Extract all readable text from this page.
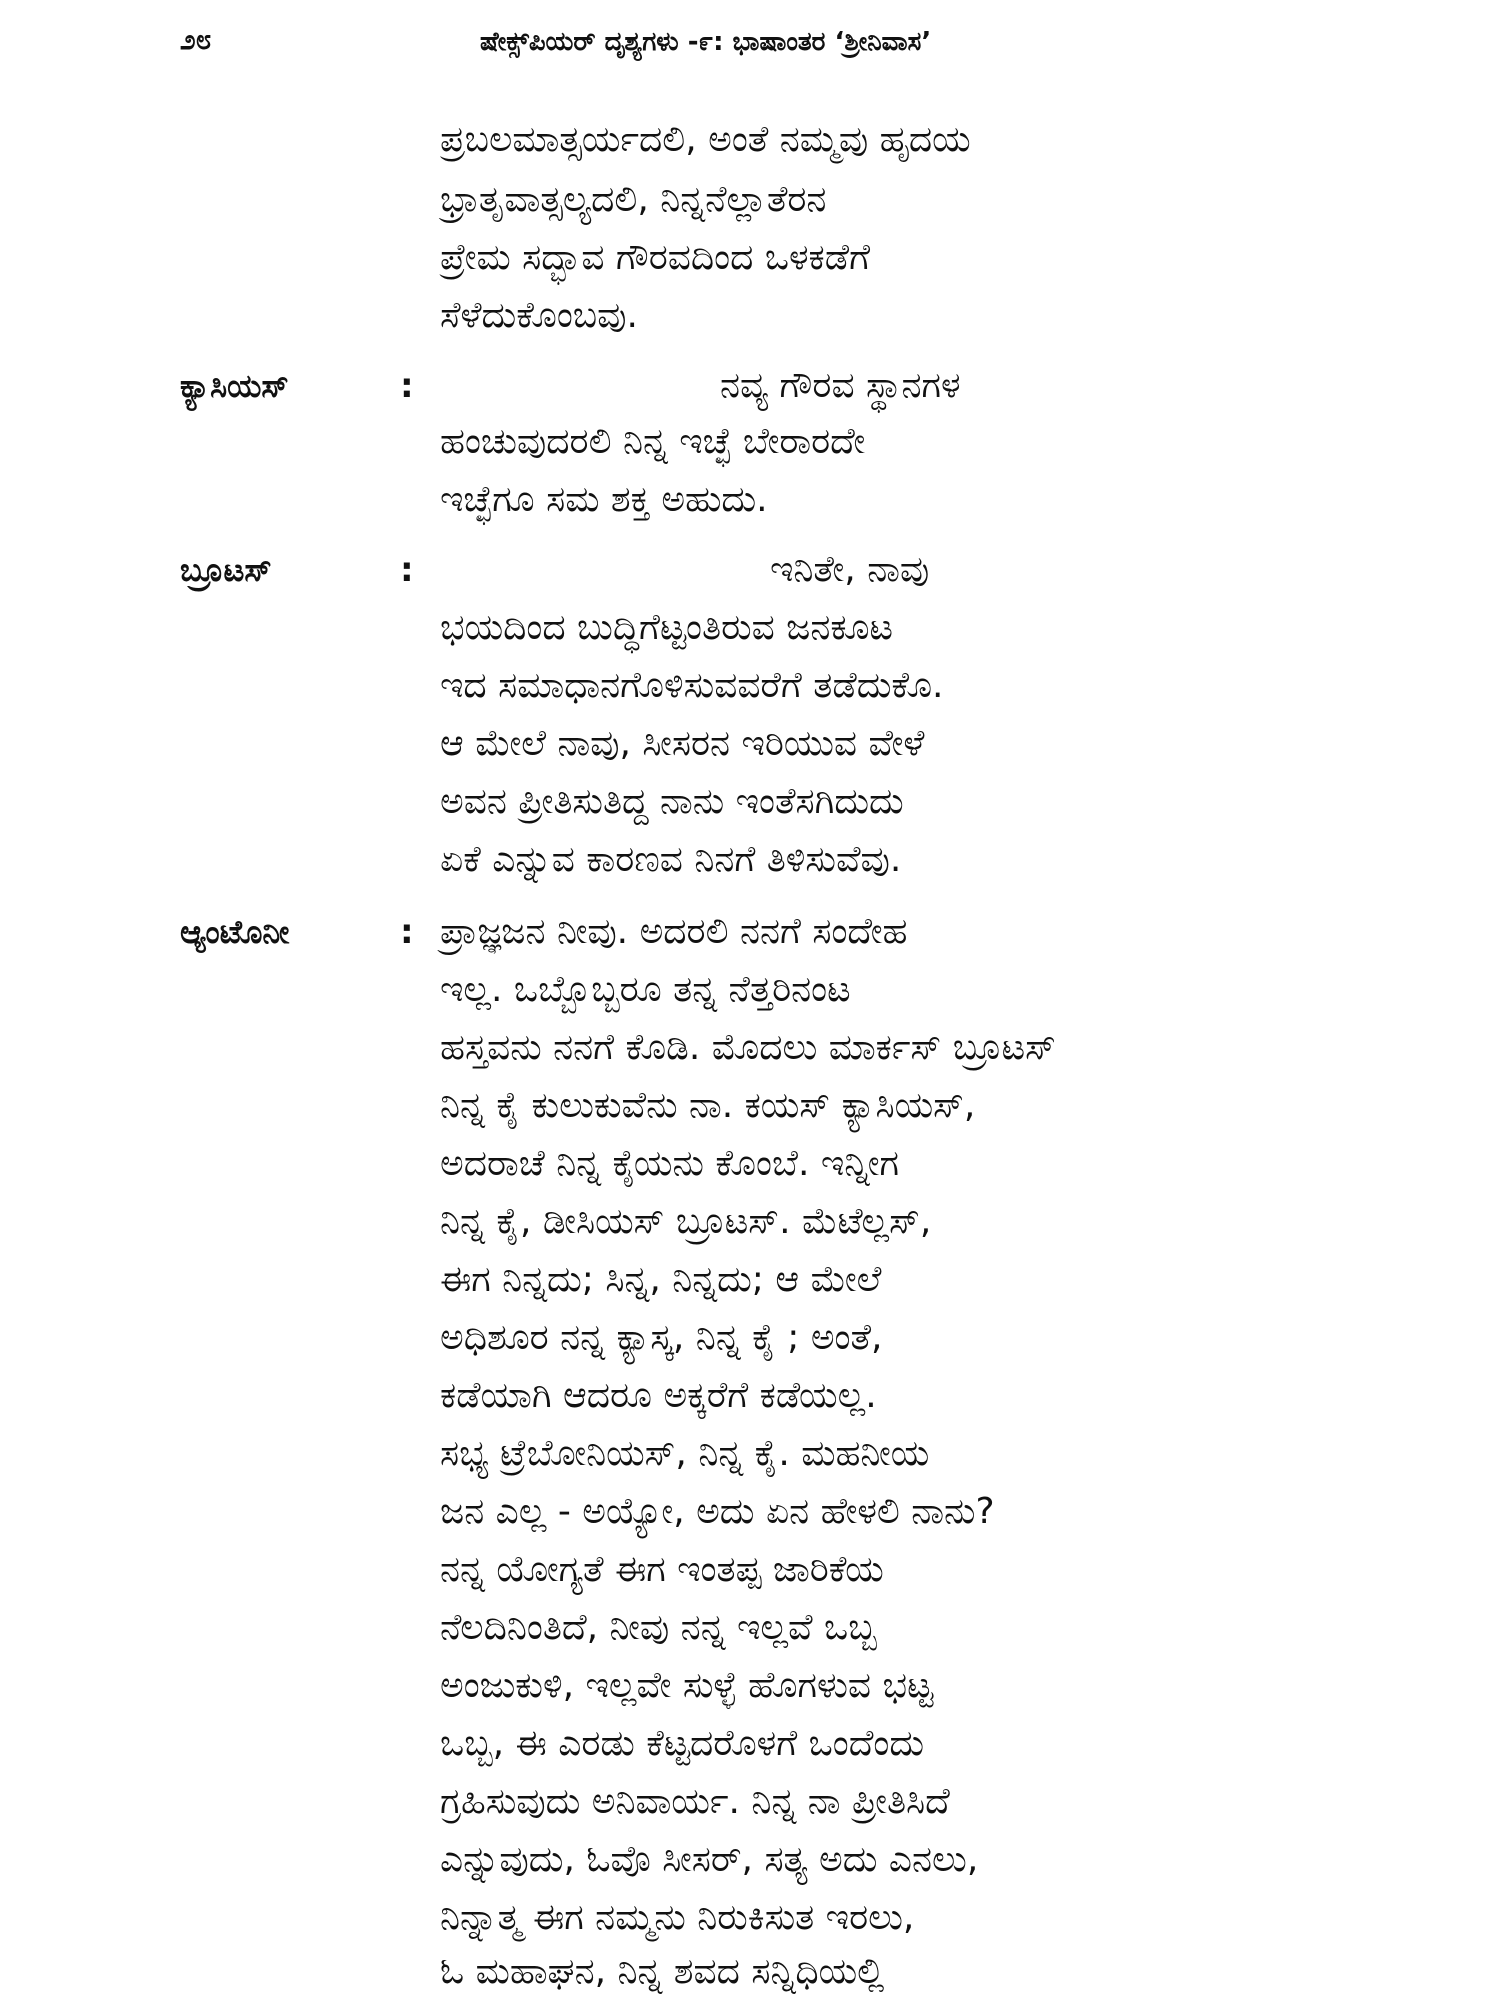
೨೮	ಷೇಕ್ಸ್‌ಪಿಯರ್ ದೃಶ್ಯಗಳು -೯: ಭಾಷಾಂತರ ‘ಶ್ರೀನಿವಾಸ’
ಪ್ರಬಲಮಾತ್ಸರ್ಯದಲಿ, ಅಂತೆ ನಮ್ಮವು ಹೃದಯ
ಭ್ರಾತೃವಾತ್ಸಲ್ಯದಲಿ, ನಿನ್ನನೆಲ್ಲಾತೆರನ
ಪ್ರೇಮ ಸದ್ಭಾವ ಗೌರವದಿಂದ ಒಳಕಡೆಗೆ
ಸೆಳೆದುಕೊಂಬವು.
ಕ್ಯಾಸಿಯಸ್	:	ನವ್ಯ ಗೌರವ ಸ್ಥಾನಗಳ
ಹಂಚುವುದರಲಿ ನಿನ್ನ ಇಚ್ಛೆ ಬೇರಾರದೇ
ಇಚ್ಛೆಗೂ ಸಮ ಶಕ್ತ ಅಹುದು.
ಬ್ರೂಟಸ್	:	ಇನಿತೇ, ನಾವು
ಭಯದಿಂದ ಬುದ್ಧಿಗೆಟ್ಟಂತಿರುವ ಜನಕೂಟ
ಇದ ಸಮಾಧಾನಗೊಳಿಸುವವರೆಗೆ ತಡೆದುಕೊ.
ಆ ಮೇಲೆ ನಾವು, ಸೀಸರನ ಇರಿಯುವ ವೇಳೆ
ಅವನ ಪ್ರೀತಿಸುತಿದ್ದ ನಾನು ಇಂತೆಸಗಿದುದು
ಏಕೆ ಎನ್ನುವ ಕಾರಣವ ನಿನಗೆ ತಿಳಿಸುವೆವು.
ಆ್ಯಂಟೊನೀ	: ಪ್ರಾಜ್ಞಜನ ನೀವು. ಅದರಲಿ ನನಗೆ ಸಂದೇಹ
ಇಲ್ಲ. ಒಬ್ಬೊಬ್ಬರೂ ತನ್ನ ನೆತ್ತರಿನಂಟ
ಹಸ್ತವನು ನನಗೆ ಕೊಡಿ. ಮೊದಲು ಮಾರ್ಕಸ್ ಬ್ರೂಟಸ್
ನಿನ್ನ ಕೈ ಕುಲುಕುವೆನು ನಾ. ಕಯಸ್ ಕ್ಯಾಸಿಯಸ್,
ಅದರಾಚೆ ನಿನ್ನ ಕೈಯನು ಕೊಂಬೆ. ಇನ್ನೀಗ
ನಿನ್ನ ಕೈ, ಡೀಸಿಯಸ್ ಬ್ರೂಟಸ್. ಮೆಟೆಲ್ಲಸ್,
ಈಗ ನಿನ್ನದು; ಸಿನ್ನ, ನಿನ್ನದು; ಆ ಮೇಲೆ
ಅಧಿಶೂರ ನನ್ನ ಕ್ಯಾಸ್ಕ, ನಿನ್ನ ಕೈ ; ಅಂತೆ,
ಕಡೆಯಾಗಿ ಆದರೂ ಅಕ್ಕರೆಗೆ ಕಡೆಯಲ್ಲ.
ಸಭ್ಯ ಟ್ರೆಬೋನಿಯಸ್, ನಿನ್ನ ಕೈ. ಮಹನೀಯ
ಜನ ಎಲ್ಲ - ಅಯ್ಯೋ, ಅದು ಏನ ಹೇಳಲಿ ನಾನು?
ನನ್ನ ಯೋಗ್ಯತೆ ಈಗ ಇಂತಪ್ಪ ಜಾರಿಕೆಯ
ನೆಲದಿನಿಂತಿದೆ, ನೀವು ನನ್ನ ಇಲ್ಲವೆ ಒಬ್ಬ
ಅಂಜುಕುಳಿ, ಇಲ್ಲವೇ ಸುಳ್ಳೆ ಹೊಗಳುವ ಭಟ್ಟ
ಒಬ್ಬ, ಈ ಎರಡು ಕೆಟ್ಟದರೊಳಗೆ ಒಂದೆಂದು
ಗ್ರಹಿಸುವುದು ಅನಿವಾರ್ಯ. ನಿನ್ನ ನಾ ಪ್ರೀತಿಸಿದೆ
ಎನ್ನುವುದು, ಓವೊ ಸೀಸರ್, ಸತ್ಯ ಅದು ಎನಲು,
ನಿನ್ನಾತ್ಮ ಈಗ ನಮ್ಮನು ನಿರುಕಿಸುತ ಇರಲು,
ಓ ಮಹಾಘನ, ನಿನ್ನ ಶವದ ಸನ್ನಿಧಿಯಲ್ಲಿ
